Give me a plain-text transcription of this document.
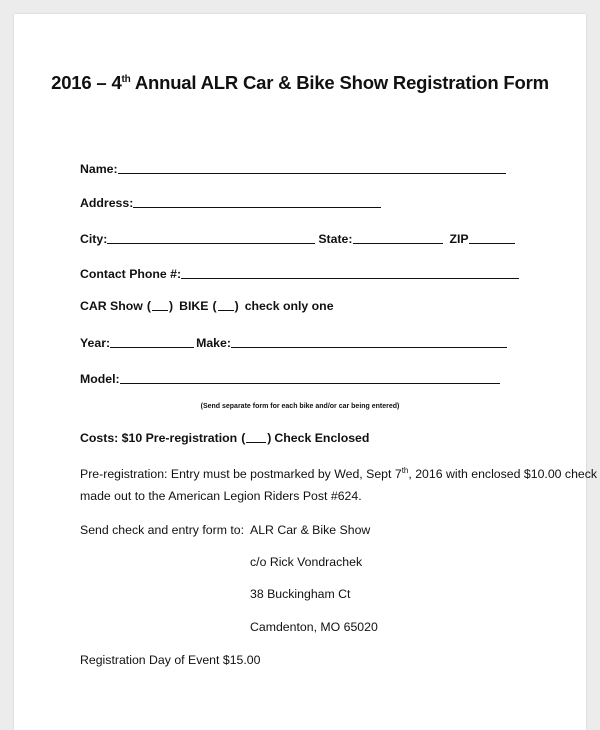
2016 – 4th Annual ALR Car & Bike Show Registration Form
Name:
Address:
City:	State:	ZIP
Contact Phone #:
CAR Show ( ) BIKE ( ) check only one
Year:	Make:
Model:
(Send separate form for each bike and/or car being entered)
Costs: $10 Pre-registration ( ) Check Enclosed
Pre-registration: Entry must be postmarked by Wed, Sept 7th, 2016 with enclosed $10.00 check
made out to the American Legion Riders Post #624.
Send check and entry form to: ALR Car & Bike Show
c/o Rick Vondrachek
38 Buckingham Ct
Camdenton, MO 65020
Registration Day of Event $15.00
